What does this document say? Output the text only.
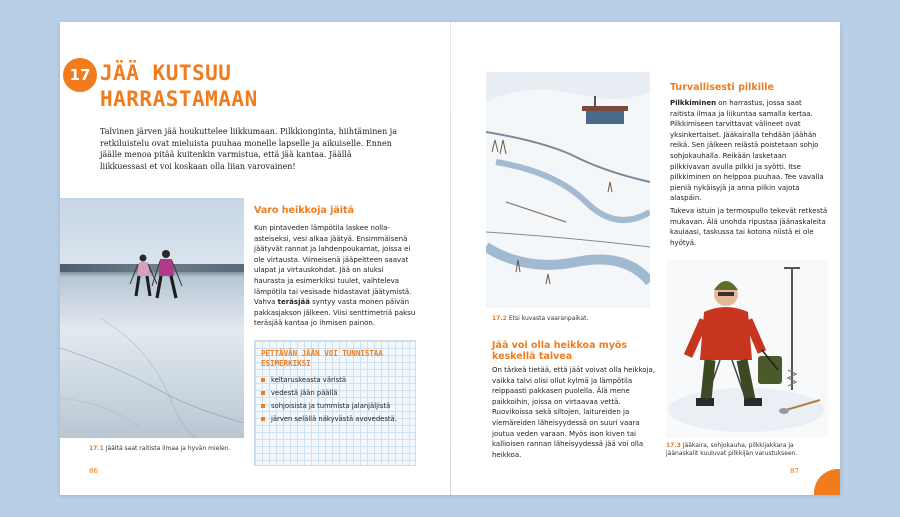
17 JÄÄ KUTSUU
HARRASTAMAAN

Talvinen järven jää houkuttelee liikkumaan. Pilkkionginta, hiihtäminen ja retkiluistelu ovat mieluista puuhaa monelle lapselle ja aikuiselle. Ennen jäälle menoa pitää kuitenkin varmistua, että jää kantaa. Jäällä liikkuessasi et voi koskaan olla liian varovainen!

17.1 Jäältä saat raitista ilmaa ja hyvän mielen.
Varo heikkoja jäitä
Kun pintaveden lämpötila laskee nolla-asteiseksi, vesi alkaa jäätyä. Ensimmäisenä jäätyvät rannat ja lahdenpoukamat, joissa ei ole virtausta. Viimeisenä jääpeitteen saavat ulapat ja virtauskohdat. Jää on aluksi haurasta ja esimerkiksi tuulet, vaihteleva lämpötila tai vesisade hidastavat jäätymistä. Vahva teräsjää syntyy vasta monen päivän pakkasjakson jälkeen. Viisi senttimetriä paksu teräsjää kantaa jo ihmisen painon.
PETTÄVÄN JÄÄN VOI TUNNISTAA ESIMERKIKSI
keltaruskeasta väristä
vedestä jään päällä
sohjoisista ja tummista jalanjäljistä
järven selällä näkyvästä avovedestä.
86
17.2 Etsi kuvasta vaaranpaikat.
Jää voi olla heikkoa myös keskellä talvea
On tärkeä tietää, että jäät voivat olla heikkoja, vaikka talvi olisi ollut kylmä ja lämpötila reippaasti pakkasen puolella. Älä mene paikkoihin, joissa on virtaavaa vettä. Ruovikoissa sekä siltojen, laitureiden ja viemäreiden läheisyydessä on suuri vaara joutua veden varaan. Myös ison kiven tai kallioisen rannan läheisyydessä jää voi olla heikkoa.
Turvallisesti pilkille
Pilkkiminen on harrastus, jossa saat raitista ilmaa ja liikuntaa samalla kertaa. Pilkkimiseen tarvittavat välineet ovat yksinkertaiset. Jääkairalla tehdään jäähän reikä. Sen jälkeen reiästä poistetaan sohjo sohjokauhalla. Reikään lasketaan pilkkivavan avulla pilkki ja syötti. Itse pilkkiminen on helppoa puuhaa. Tee vavalla pieniä nykäisyjä ja anna pilkin vajota alaspäin.
Tukeva istuin ja termospullo tekevät retkestä mukavan. Älä unohda ripustaa jäänaskaleita kaulaasi, taskussa tai kotona niistä ei ole hyötyä.
17.3 Jääkaira, sohjokauha, pilkkijakkara ja jäänaskalit kuuluvat pilkkijän varustukseen.
87
